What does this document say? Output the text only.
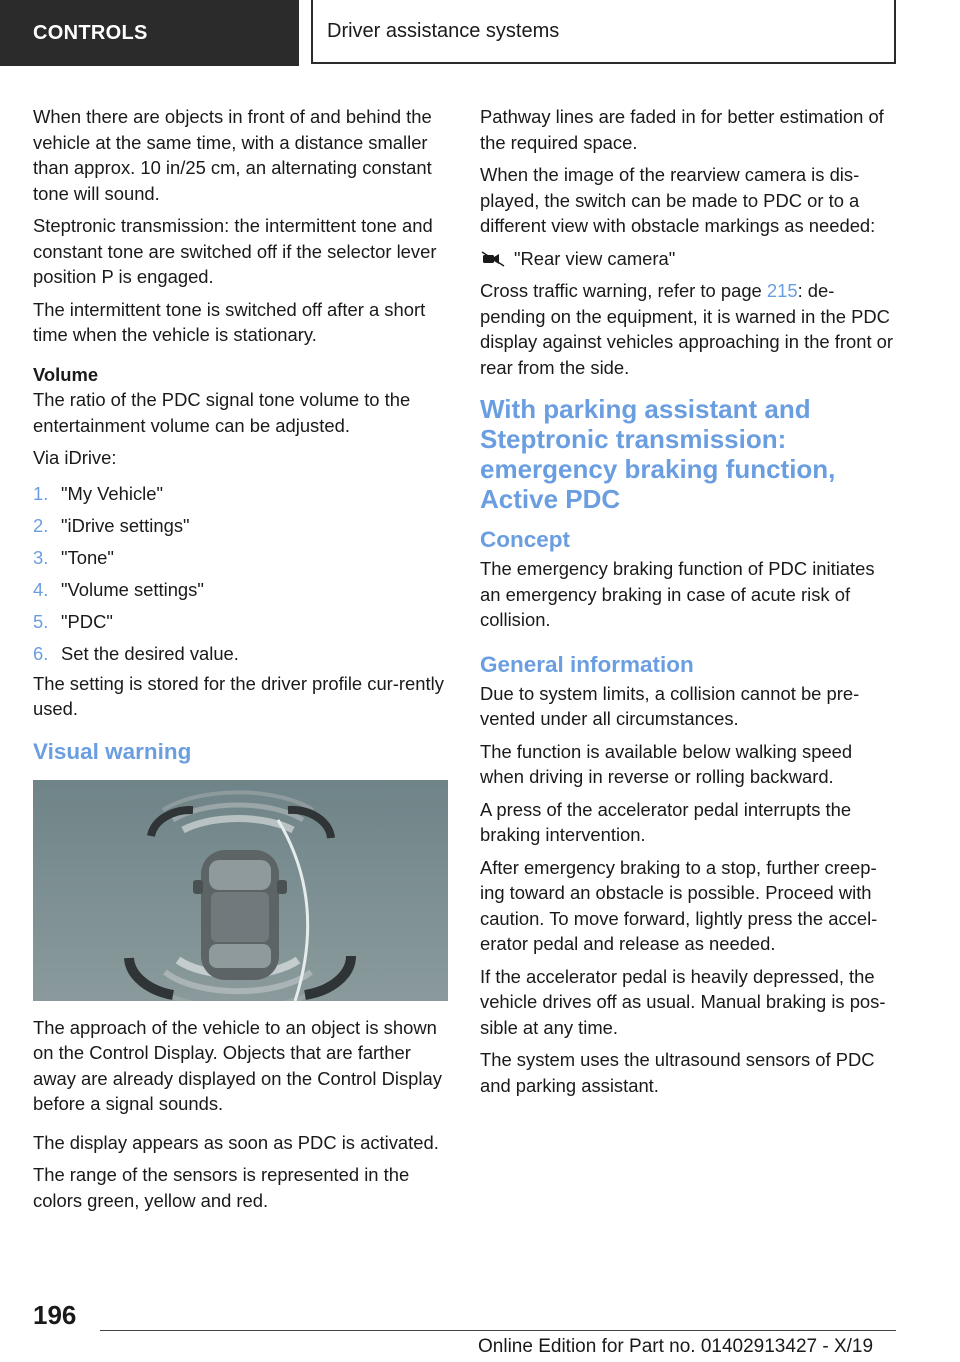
CONTROLS	Driver assistance systems

When there are objects in front of and behind the vehicle at the same time, with a distance smaller than approx. 10 in/25 cm, an alternating constant tone will sound.

Steptronic transmission: the intermittent tone and constant tone are switched off if the selector lever position P is engaged.

The intermittent tone is switched off after a short time when the vehicle is stationary.

Volume

The ratio of the PDC signal tone volume to the entertainment volume can be adjusted.

Via iDrive:

1. "My Vehicle"
2. "iDrive settings"
3. "Tone"
4. "Volume settings"
5. "PDC"
6. Set the desired value.

The setting is stored for the driver profile cur-rently used.

Visual warning

The approach of the vehicle to an object is shown on the Control Display. Objects that are farther away are already displayed on the Control Display before a signal sounds.

The display appears as soon as PDC is activated.

The range of the sensors is represented in the colors green, yellow and red.

Pathway lines are faded in for better estimation of the required space.

When the image of the rearview camera is dis-played, the switch can be made to PDC or to a different view with obstacle markings as needed:

"Rear view camera"

Cross traffic warning, refer to page 215: de-pending on the equipment, it is warned in the PDC display against vehicles approaching in the front or rear from the side.

With parking assistant and Steptronic transmission: emergency braking function, Active PDC
Concept

The emergency braking function of PDC initiates an emergency braking in case of acute risk of collision.

General information

Due to system limits, a collision cannot be pre-vented under all circumstances.

The function is available below walking speed when driving in reverse or rolling backward.

A press of the accelerator pedal interrupts the braking intervention.

After emergency braking to a stop, further creep-ing toward an obstacle is possible. Proceed with caution. To move forward, lightly press the accel-erator pedal and release as needed.

If the accelerator pedal is heavily depressed, the vehicle drives off as usual. Manual braking is pos-sible at any time.

The system uses the ultrasound sensors of PDC and parking assistant.

196
Online Edition for Part no. 01402913427 - X/19
